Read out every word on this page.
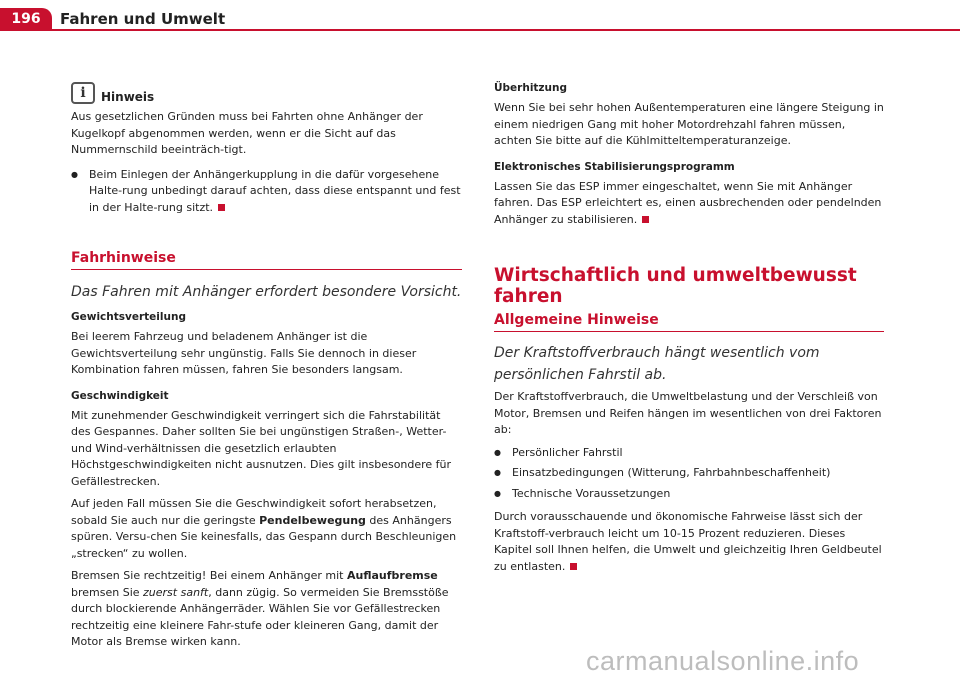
196	Fahren und Umwelt
i	Hinweis

Aus gesetzlichen Gründen muss bei Fahrten ohne Anhänger der Kugelkopf abgenommen werden, wenn er die Sicht auf das Nummernschild beeinträch-tigt.

●

Beim Einlegen der Anhängerkupplung in die dafür vorgesehene Halte-rung unbedingt darauf achten, dass diese entspannt und fest in der Halte-rung sitzt.

Fahrhinweise
Das Fahren mit Anhänger erfordert besondere Vorsicht.

Gewichtsverteilung

Bei leerem Fahrzeug und beladenem Anhänger ist die Gewichtsverteilung sehr ungünstig. Falls Sie dennoch in dieser Kombination fahren müssen, fahren Sie besonders langsam.

Geschwindigkeit

Mit zunehmender Geschwindigkeit verringert sich die Fahrstabilität des Gespannes. Daher sollten Sie bei ungünstigen Straßen-, Wetter- und Wind-verhältnissen die gesetzlich erlaubten Höchstgeschwindigkeiten nicht ausnutzen. Dies gilt insbesondere für Gefällestrecken.

Auf jeden Fall müssen Sie die Geschwindigkeit sofort herabsetzen, sobald Sie auch nur die geringste Pendelbewegung des Anhängers spüren. Versu-chen Sie keinesfalls, das Gespann durch Beschleunigen „strecken“ zu wollen.

Bremsen Sie rechtzeitig! Bei einem Anhänger mit Auflaufbremse bremsen Sie zuerst sanft, dann zügig. So vermeiden Sie Bremsstöße durch blockierende Anhängerräder. Wählen Sie vor Gefällestrecken rechtzeitig eine kleinere Fahr-stufe oder kleineren Gang, damit der Motor als Bremse wirken kann.

Überhitzung

Wenn Sie bei sehr hohen Außentemperaturen eine längere Steigung in einem niedrigen Gang mit hoher Motordrehzahl fahren müssen, achten Sie bitte auf die Kühlmitteltemperaturanzeige.

Elektronisches Stabilisierungsprogramm

Lassen Sie das ESP immer eingeschaltet, wenn Sie mit Anhänger fahren. Das ESP erleichtert es, einen ausbrechenden oder pendelnden Anhänger zu stabilisieren.

Wirtschaftlich und umweltbewusst fahren
Allgemeine Hinweise
Der Kraftstoffverbrauch hängt wesentlich vom persönlichen Fahrstil ab.

Der Kraftstoffverbrauch, die Umweltbelastung und der Verschleiß von Motor, Bremsen und Reifen hängen im wesentlichen von drei Faktoren ab:

●

Persönlicher Fahrstil

●

Einsatzbedingungen (Witterung, Fahrbahnbeschaffenheit)

●

Technische Voraussetzungen

Durch vorausschauende und ökonomische Fahrweise lässt sich der Kraftstoff-verbrauch leicht um 10-15 Prozent reduzieren. Dieses Kapitel soll Ihnen helfen, die Umwelt und gleichzeitig Ihren Geldbeutel zu entlasten.

carmanualsonline.info
